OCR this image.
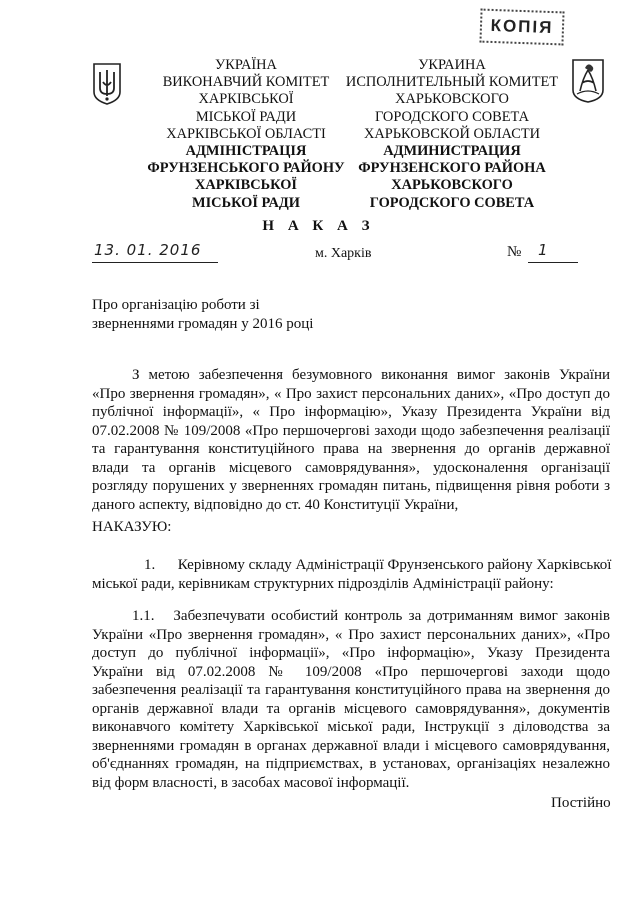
КОПІЯ
УКРАЇНА
ВИКОНАВЧИЙ КОМІТЕТ
ХАРКІВСЬКОЇ
МІСЬКОЇ РАДИ
ХАРКІВСЬКОЇ ОБЛАСТІ
АДМІНІСТРАЦІЯ
ФРУНЗЕНСЬКОГО РАЙОНУ
ХАРКІВСЬКОЇ
МІСЬКОЇ РАДИ
УКРАИНА
ИСПОЛНИТЕЛЬНЫЙ КОМИТЕТ
ХАРЬКОВСКОГО
ГОРОДСКОГО СОВЕТА
ХАРЬКОВСКОЙ ОБЛАСТИ
АДМИНИСТРАЦИЯ
ФРУНЗЕНСКОГО РАЙОНА
ХАРЬКОВСКОГО
ГОРОДСКОГО СОВЕТА
Н А К А З
13. 01. 2016	м. Харків	№ 1
Про організацію роботи зі
зверненнями громадян у 2016 році
З метою забезпечення безумовного виконання вимог законів України
«Про звернення громадян», « Про захист персональних даних», «Про доступ до
публічної інформації», « Про інформацію», Указу Президента України від
07.02.2008 № 109/2008 «Про першочергові заходи щодо забезпечення реалізації
та гарантування конституційного права на звернення до органів державної
влади та органів місцевого самоврядування», удосконалення організації
розгляду порушених у зверненнях громадян питань, підвищення рівня роботи з
даного аспекту, відповідно до ст. 40 Конституції України,
НАКАЗУЮ:
1.      Керівному складу Адміністрації Фрунзенського району Харківської
міської ради, керівникам структурних підрозділів Адміністрації району:
1.1.   Забезпечувати особистий контроль за дотриманням вимог законів
України «Про звернення громадян», « Про захист персональних даних», «Про
доступ до публічної інформації», «Про інформацію», Указу Президента
України від 07.02.2008 № 109/2008 «Про першочергові заходи щодо
забезпечення реалізації та гарантування конституційного права на звернення до
органів державної влади та органів місцевого самоврядування», документів
виконавчого комітету Харківської міської ради, Інструкції з діловодства за
зверненнями громадян в органах державної влади і місцевого самоврядування,
об'єднаннях громадян, на підприємствах, в установах, організаціях незалежно
від форм власності, в засобах масової інформації.
Постійно
